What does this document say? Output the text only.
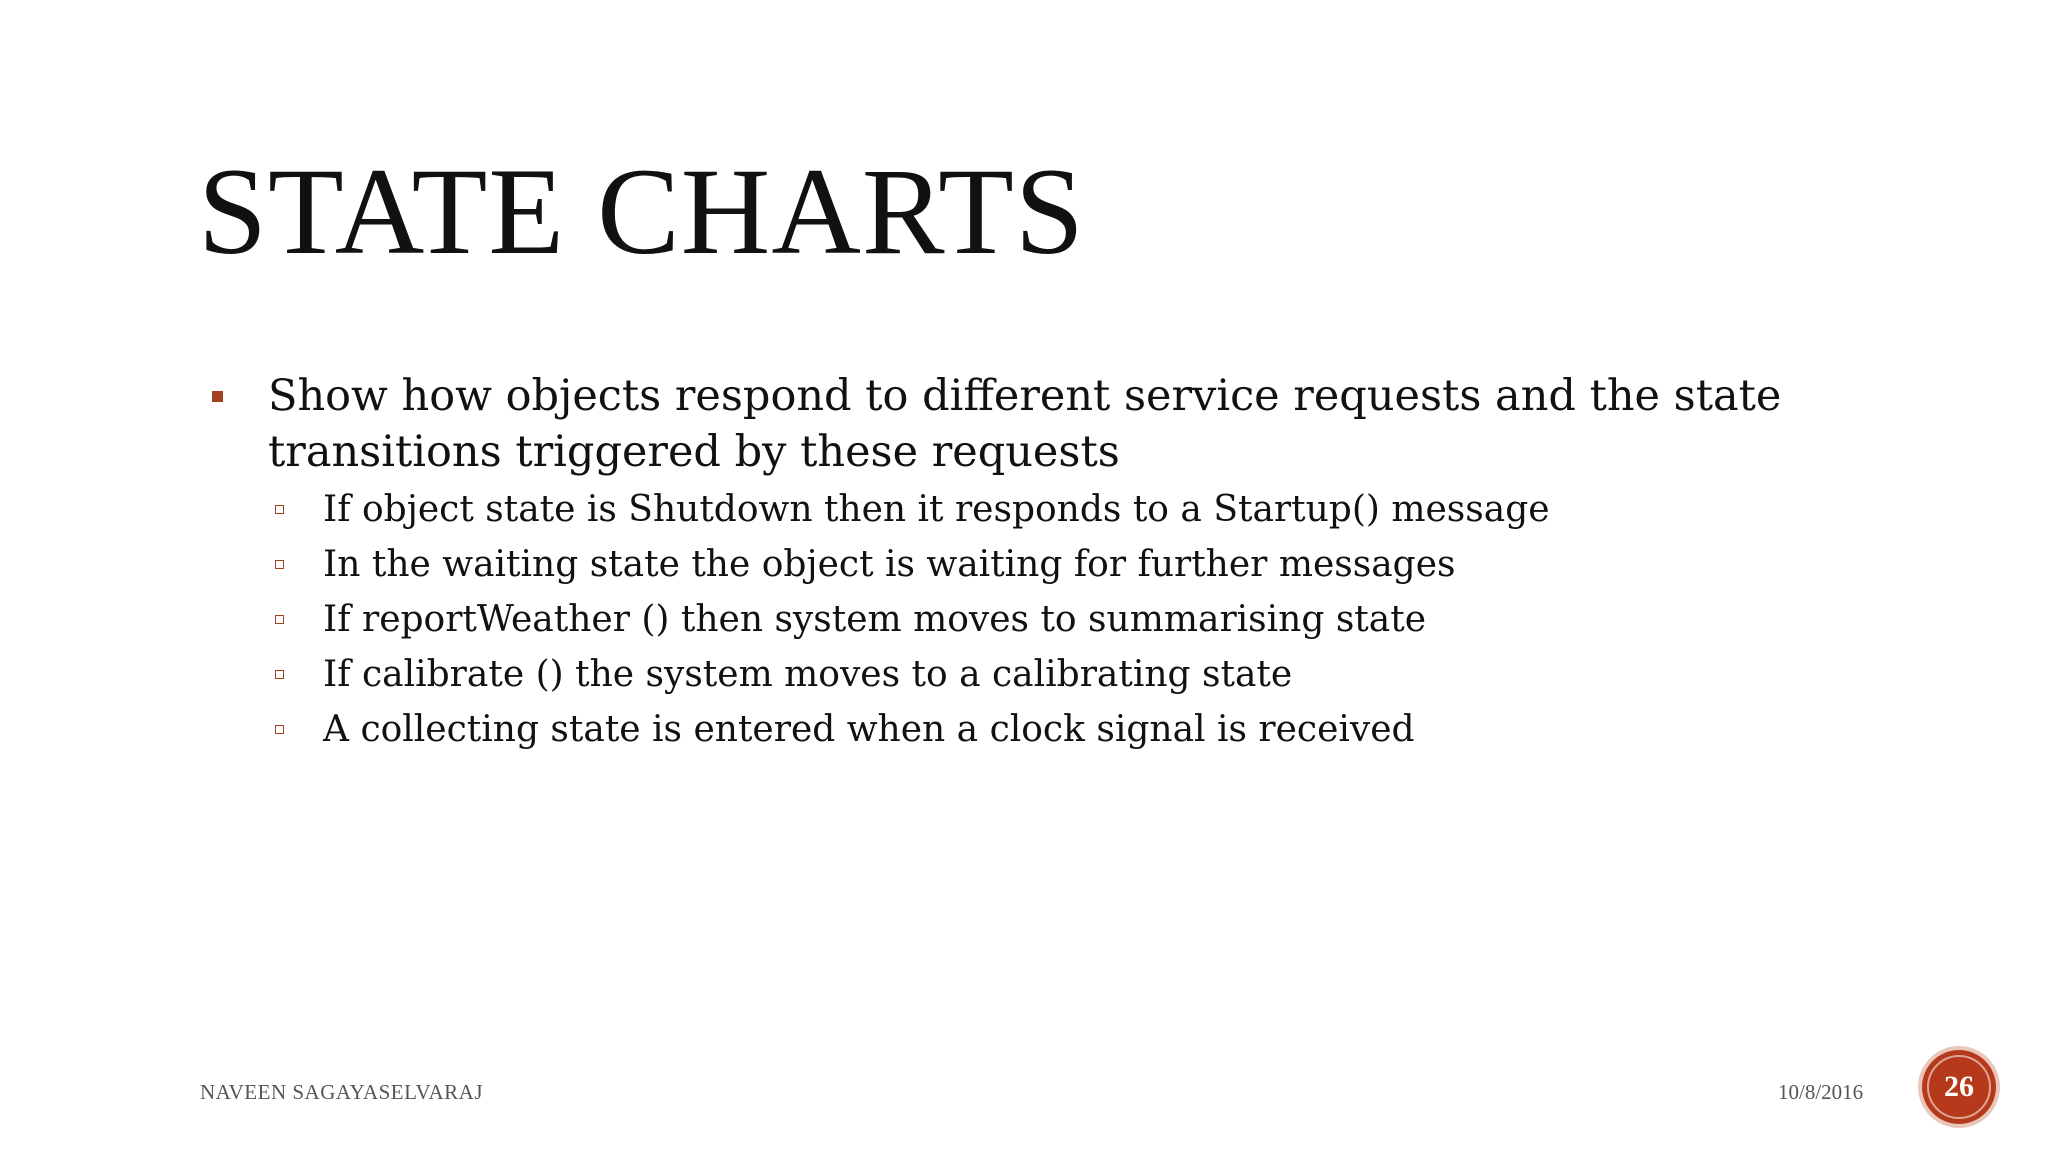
STATE CHARTS
Show how objects respond to different service requests and the state transitions triggered by these requests
If object state is Shutdown then it responds to a Startup() message
In the waiting state the object is waiting for further messages
If reportWeather () then system moves to summarising state
If calibrate () the system moves to a calibrating state
A collecting state is entered when a clock signal is received
NAVEEN SAGAYASELVARAJ	10/8/2016	26
